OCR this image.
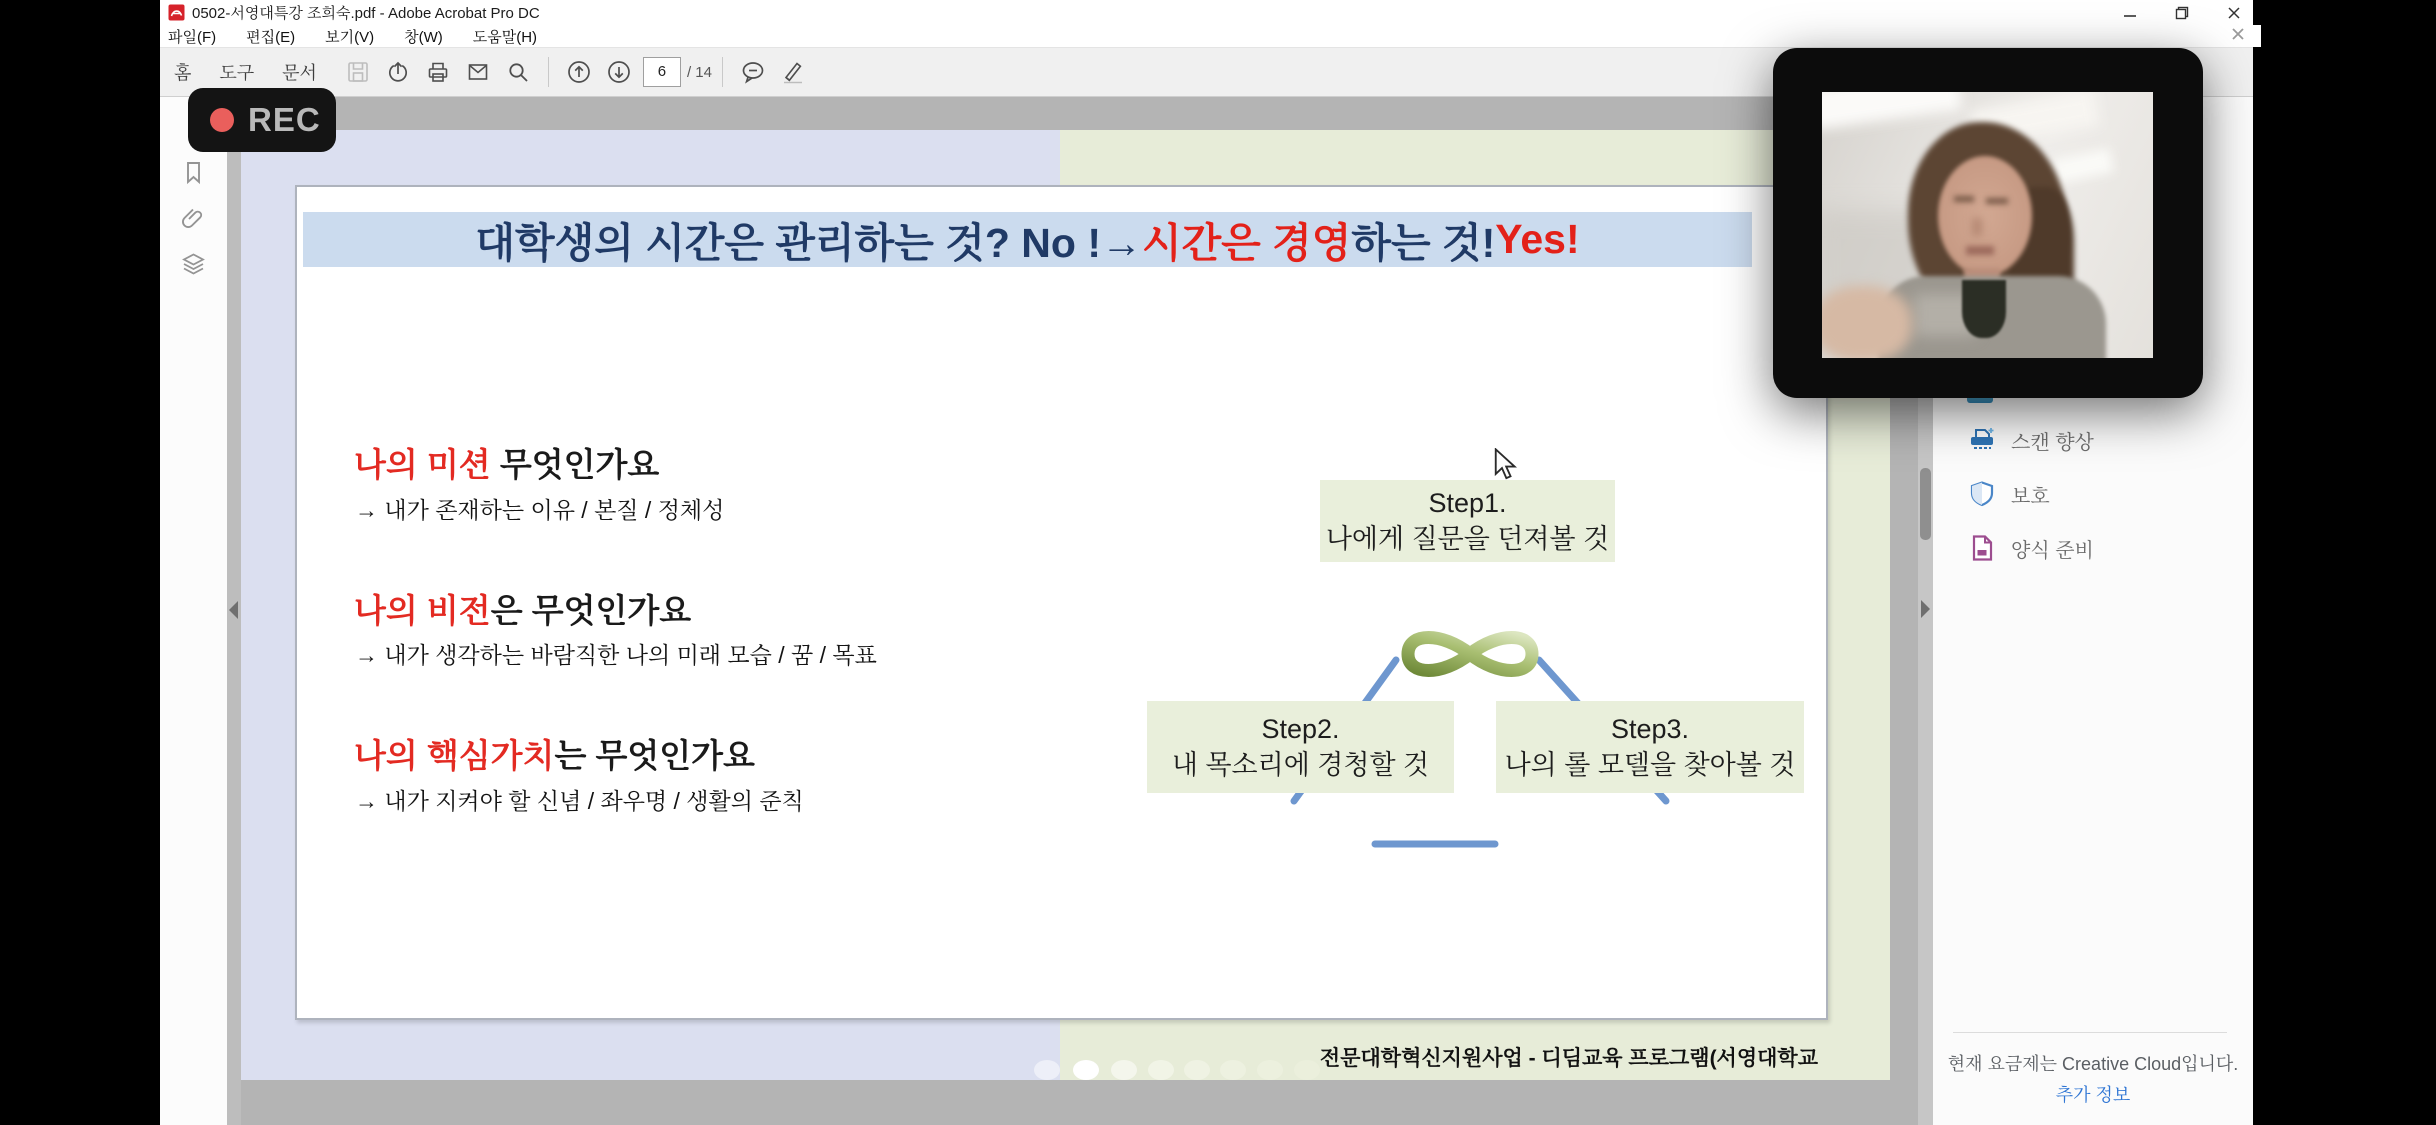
0502-서영대특강 조희숙.pdf - Adobe Acrobat Pro DC
파일(F) 편집(E) 보기(V) 창(W) 도움말(H)
홈	도구	문서	6	/ 14
대학생의 시간은 관리하는 것? No !→ 시간은 경영 하는 것! Yes!
나의 미션 무엇인가요
→ 내가 존재하는 이유 / 본질 / 정체성
나의 비전은 무엇인가요
→ 내가 생각하는 바람직한 나의 미래 모습 / 꿈 / 목표
나의 핵심가치는 무엇인가요
→ 내가 지켜야 할 신념 / 좌우명 / 생활의 준칙
Step1.
나에게 질문을 던져볼 것
Step2.
내 목소리에 경청할 것
Step3.
나의 롤 모델을 찾아볼 것
전문대학혁신지원사업 - 디딤교육 프로그램(서영대학교
스캔 향상
보호
양식 준비
현재 요금제는 Creative Cloud입니다.
추가 정보
REC
